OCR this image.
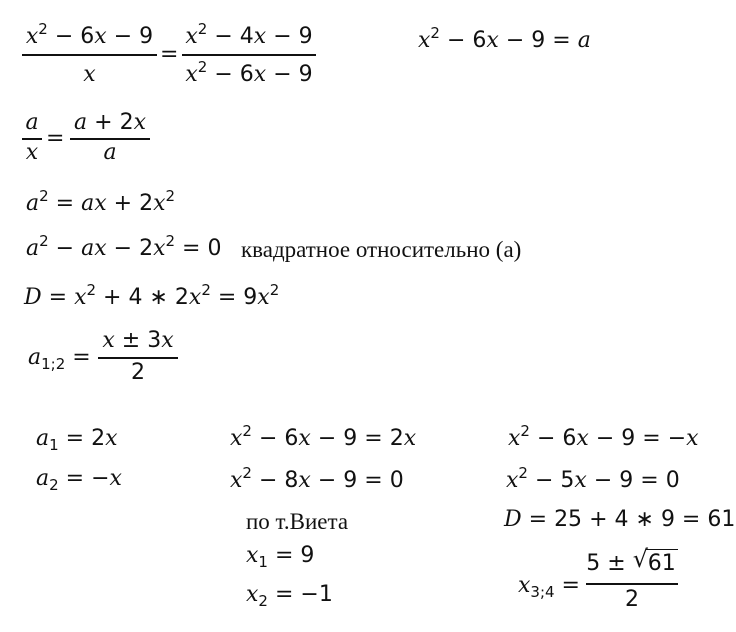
$x^2 - 6x - 9$
x
=
$x^2 - 4x - 9$
$x^2 - 6x - 9$
$x^2 - 6x - 9 = a$
a
x
=
a + 2x
a
$a^2$ = ax + $2x^2$
$a^2$ − ax − $2x^2 = 0$ квадратное относительно (a)
$D = x^2 + 4$ ∗ $2x^2 = 9x^2$
$a_{1;2}$ =
x ± 3x
2
$a_1 = 2x$
$a_2 = -x$
$x^2 - 6x - 9 = 2x$
$x^2 - 8x - 9 = 0$
по т.Виета
$x_1 = 9$
$x_2 = -1$
$x^2 - 6x - 9 = -x$
$x^2 - 5x - 9 = 0$
D = 25 + 4 ∗ 9 = 61
$x_{3;4}$ =
5 ± √ 61
2
